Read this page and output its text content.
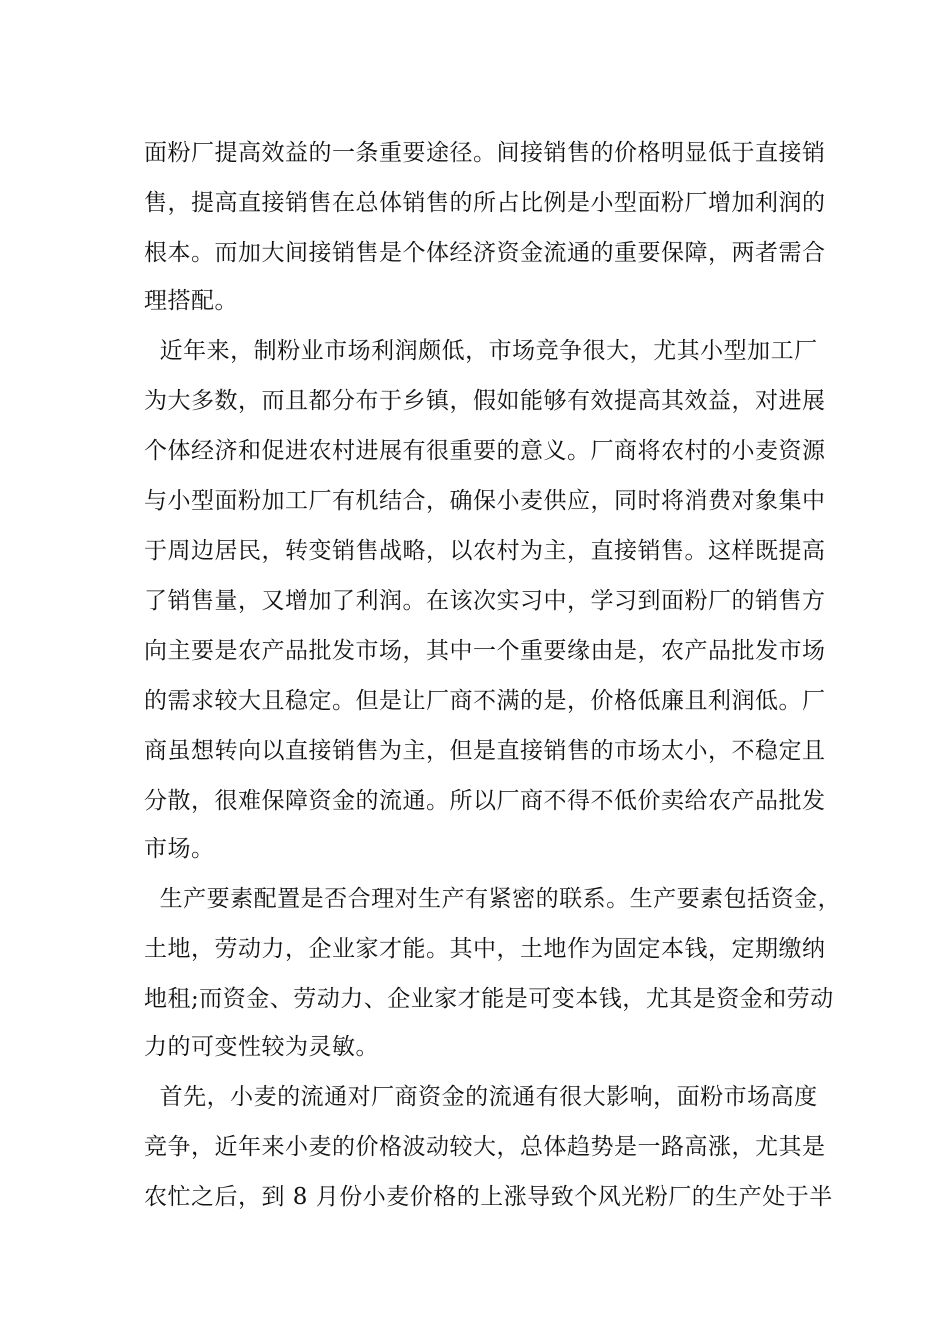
面粉厂提高效益的一条重要途径。间接销售的价格明显低于直接销
售，提高直接销售在总体销售的所占比例是小型面粉厂增加利润的
根本。而加大间接销售是个体经济资金流通的重要保障，两者需合
理搭配。
近年来，制粉业市场利润颇低，市场竞争很大，尤其小型加工厂
为大多数，而且都分布于乡镇，假如能够有效提高其效益，对进展
个体经济和促进农村进展有很重要的意义。厂商将农村的小麦资源
与小型面粉加工厂有机结合，确保小麦供应，同时将消费对象集中
于周边居民，转变销售战略，以农村为主，直接销售。这样既提高
了销售量，又增加了利润。在该次实习中，学习到面粉厂的销售方
向主要是农产品批发市场，其中一个重要缘由是，农产品批发市场
的需求较大且稳定。但是让厂商不满的是，价格低廉且利润低。厂
商虽想转向以直接销售为主，但是直接销售的市场太小，不稳定且
分散，很难保障资金的流通。所以厂商不得不低价卖给农产品批发
市场。
生产要素配置是否合理对生产有紧密的联系。生产要素包括资金，
土地，劳动力，企业家才能。其中，土地作为固定本钱，定期缴纳
地租;而资金、劳动力、企业家才能是可变本钱，尤其是资金和劳动
力的可变性较为灵敏。
首先，小麦的流通对厂商资金的流通有很大影响，面粉市场高度
竞争，近年来小麦的价格波动较大，总体趋势是一路高涨，尤其是
农忙之后，到 8 月份小麦价格的上涨导致个风光粉厂的生产处于半
